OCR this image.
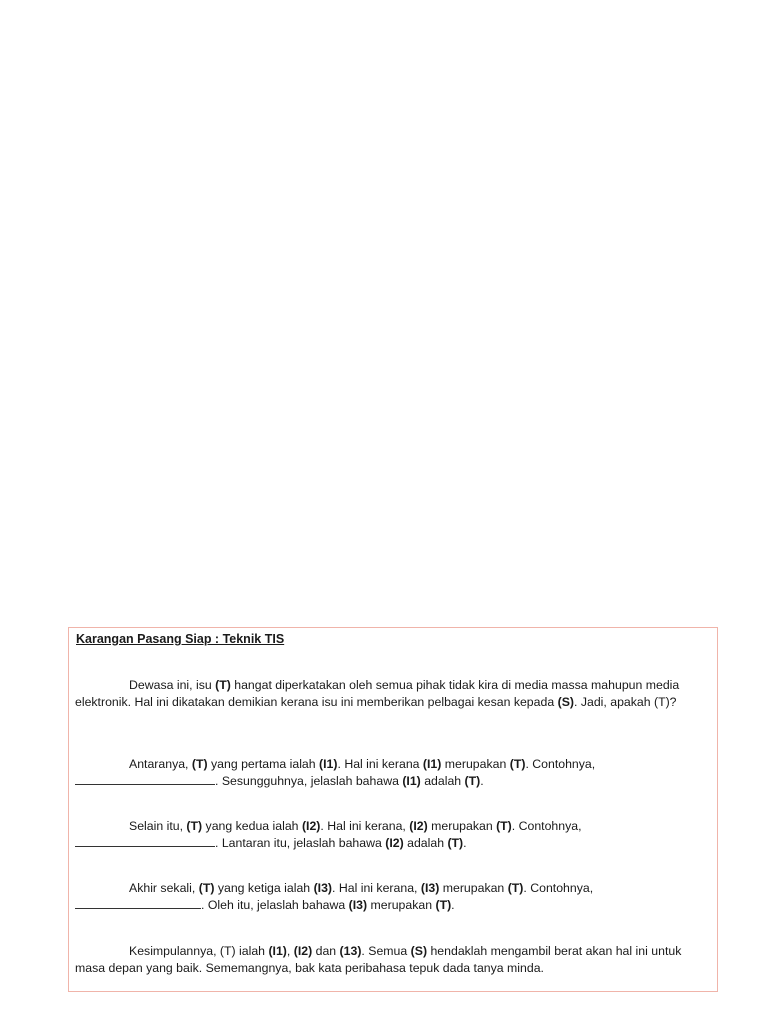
Karangan Pasang Siap : Teknik TIS

Dewasa ini, isu (T) hangat diperkatakan oleh semua pihak tidak kira di media massa mahupun media elektronik. Hal ini dikatakan demikian kerana isu ini memberikan pelbagai kesan kepada (S). Jadi, apakah (T)?

Antaranya, (T) yang pertama ialah (I1). Hal ini kerana (I1) merupakan (T). Contohnya,
. Sesungguhnya, jelaslah bahawa (I1) adalah (T).

Selain itu, (T) yang kedua ialah (I2). Hal ini kerana, (I2) merupakan (T). Contohnya,
. Lantaran itu, jelaslah bahawa (I2) adalah (T).

Akhir sekali, (T) yang ketiga ialah (I3). Hal ini kerana, (I3) merupakan (T). Contohnya,
. Oleh itu, jelaslah bahawa (I3) merupakan (T).

Kesimpulannya, (T) ialah (I1), (I2) dan (13). Semua (S) hendaklah mengambil berat akan hal ini untuk masa depan yang baik. Sememangnya, bak kata peribahasa tepuk dada tanya minda.
